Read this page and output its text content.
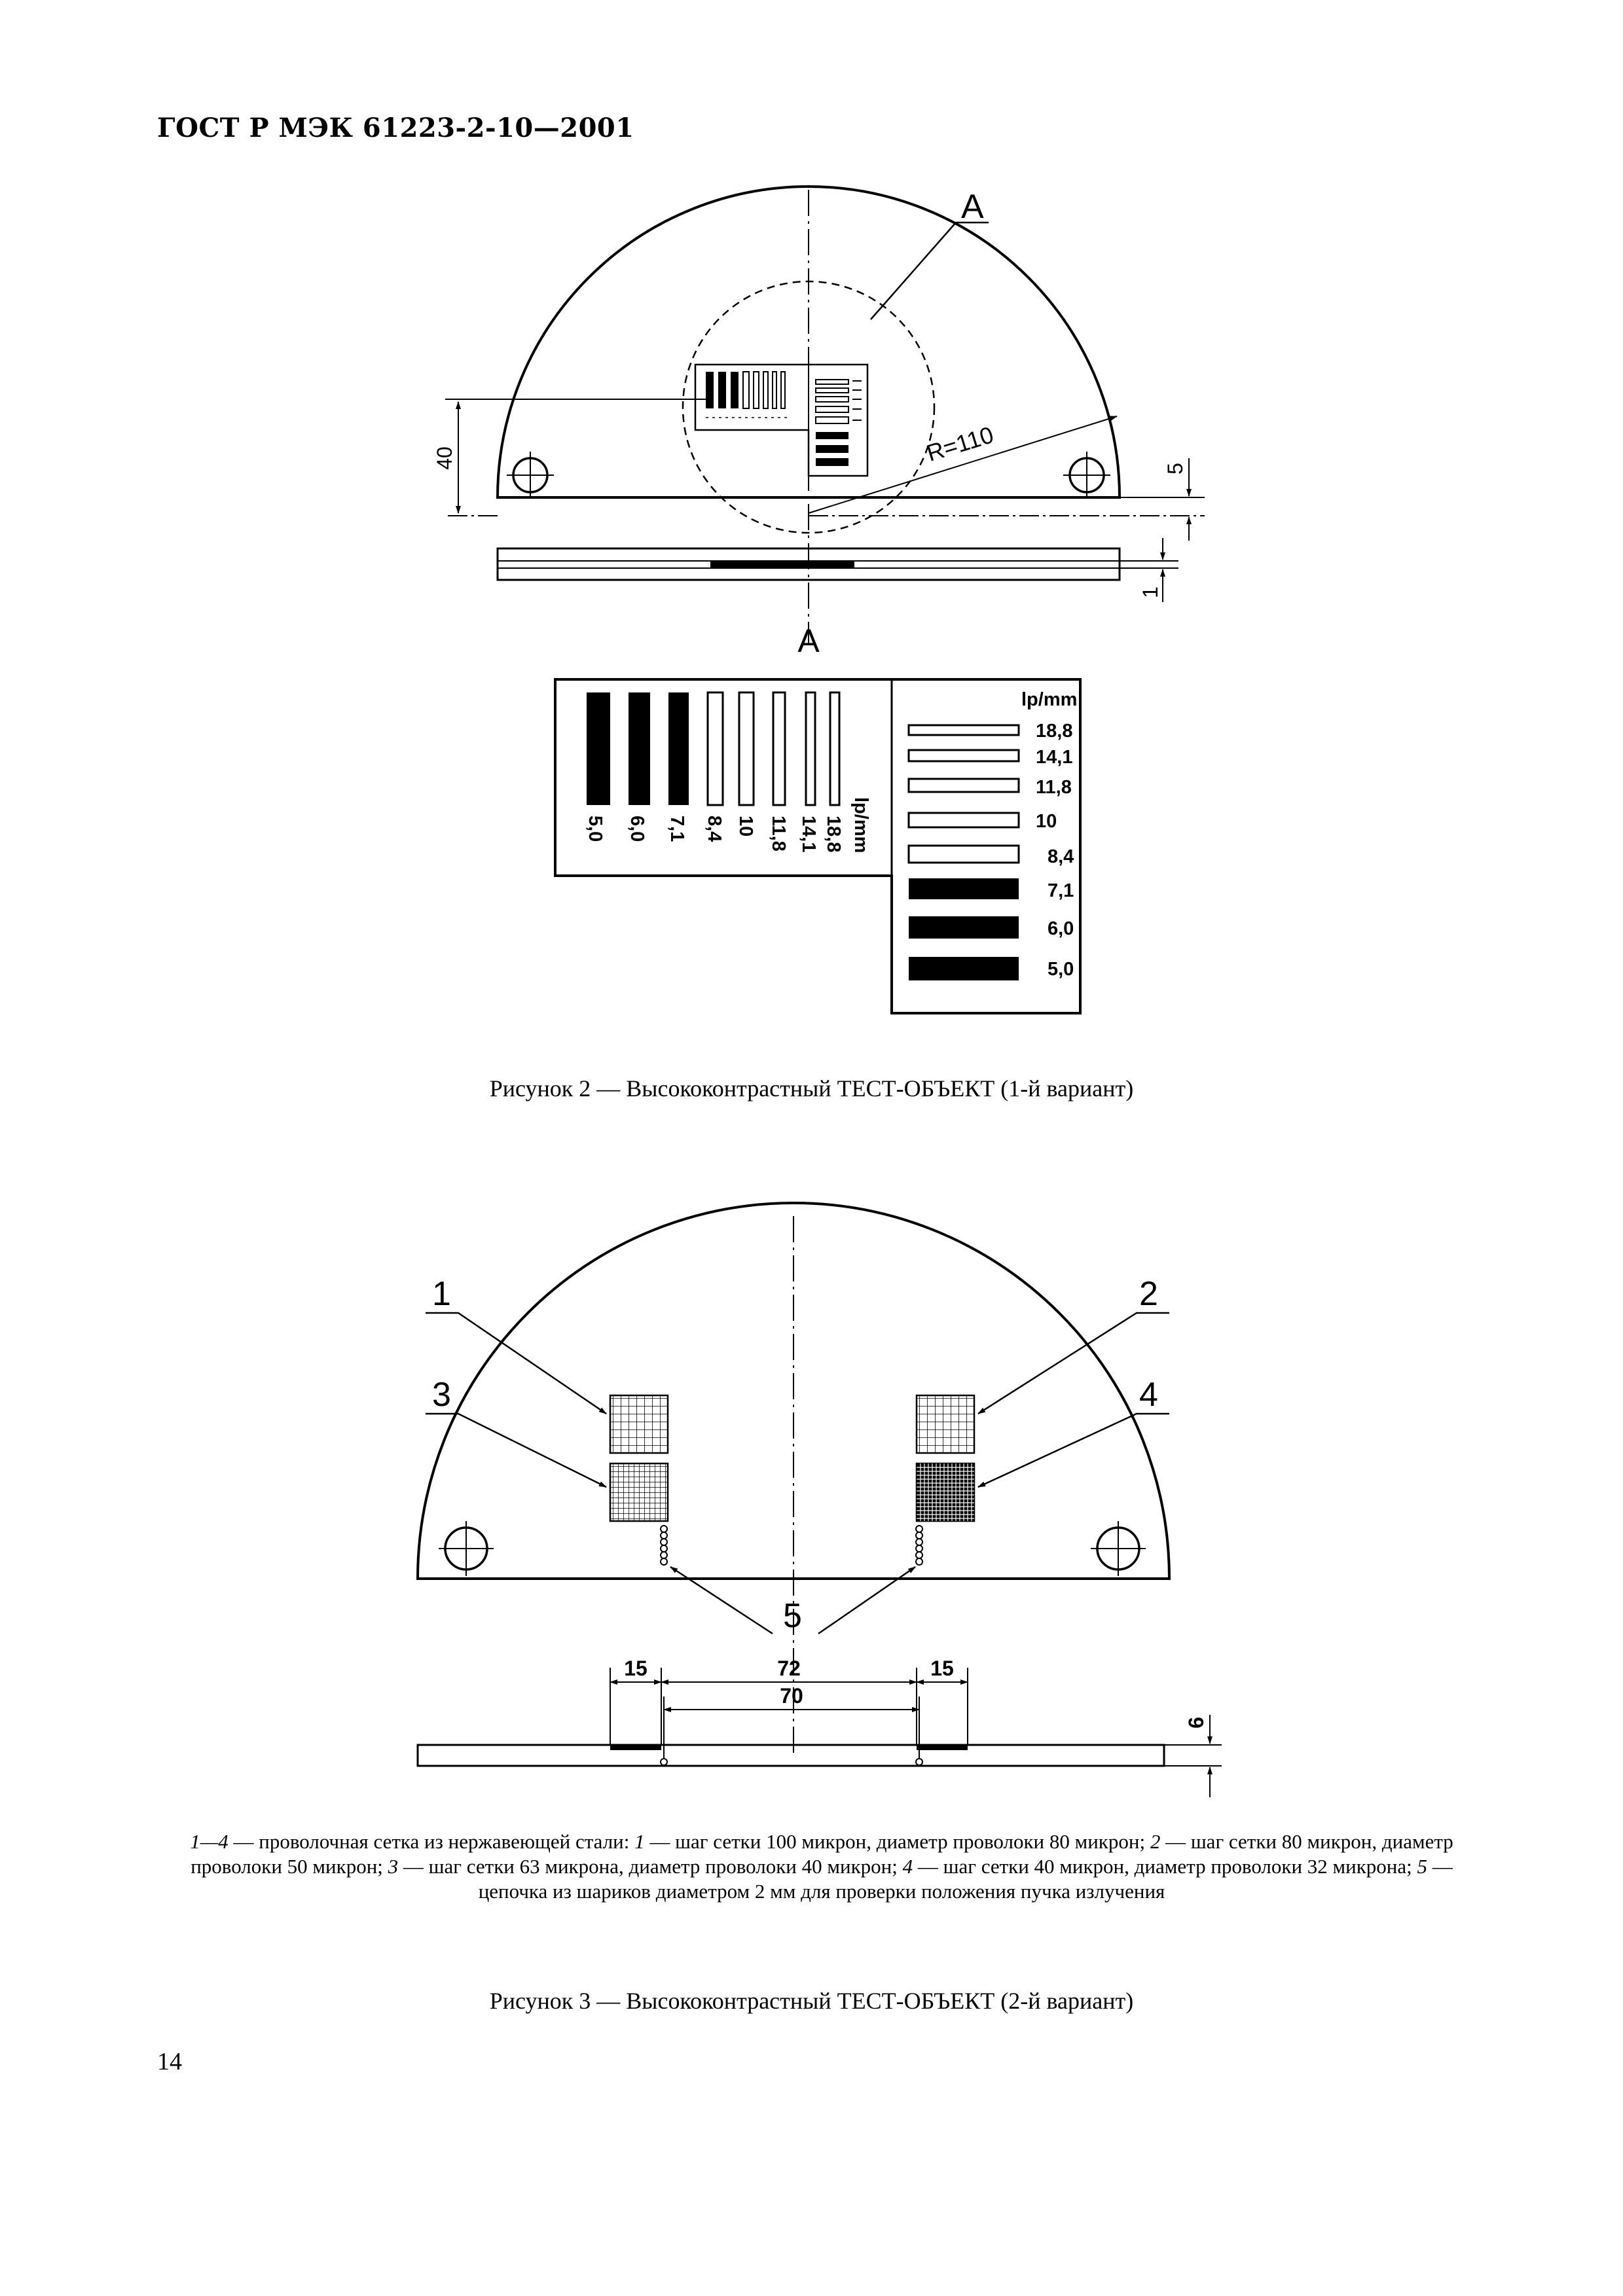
ГОСТ Р МЭК 61223-2-10—2001
A
40	R=110
5
1
A
5,0 6,0 7,1 8,4 10 11,8 14,1 18,8 lp/mm
lp/mm
18,8
14,1
11,8
10
8,4
7,1
6,0
5,0
1
3
2
4
5
15	72	15
70
6
Рисунок 2 — Высококонтрастный ТЕСТ-ОБЪЕКТ (1-й вариант)
1—4 — проволочная сетка из нержавеющей стали: 1 — шаг сетки 100 микрон, диаметр проволоки 80 микрон; 2 — шаг сетки 80 микрон, диаметр проволоки 50 микрон; 3 — шаг сетки 63 микрона, диаметр проволоки 40 микрон; 4 — шаг сетки 40 микрон, диаметр проволоки 32 микрона; 5 — цепочка из шариков диаметром 2 мм для проверки положения пучка излучения
Рисунок 3 — Высококонтрастный ТЕСТ-ОБЪЕКТ (2-й вариант)
14
